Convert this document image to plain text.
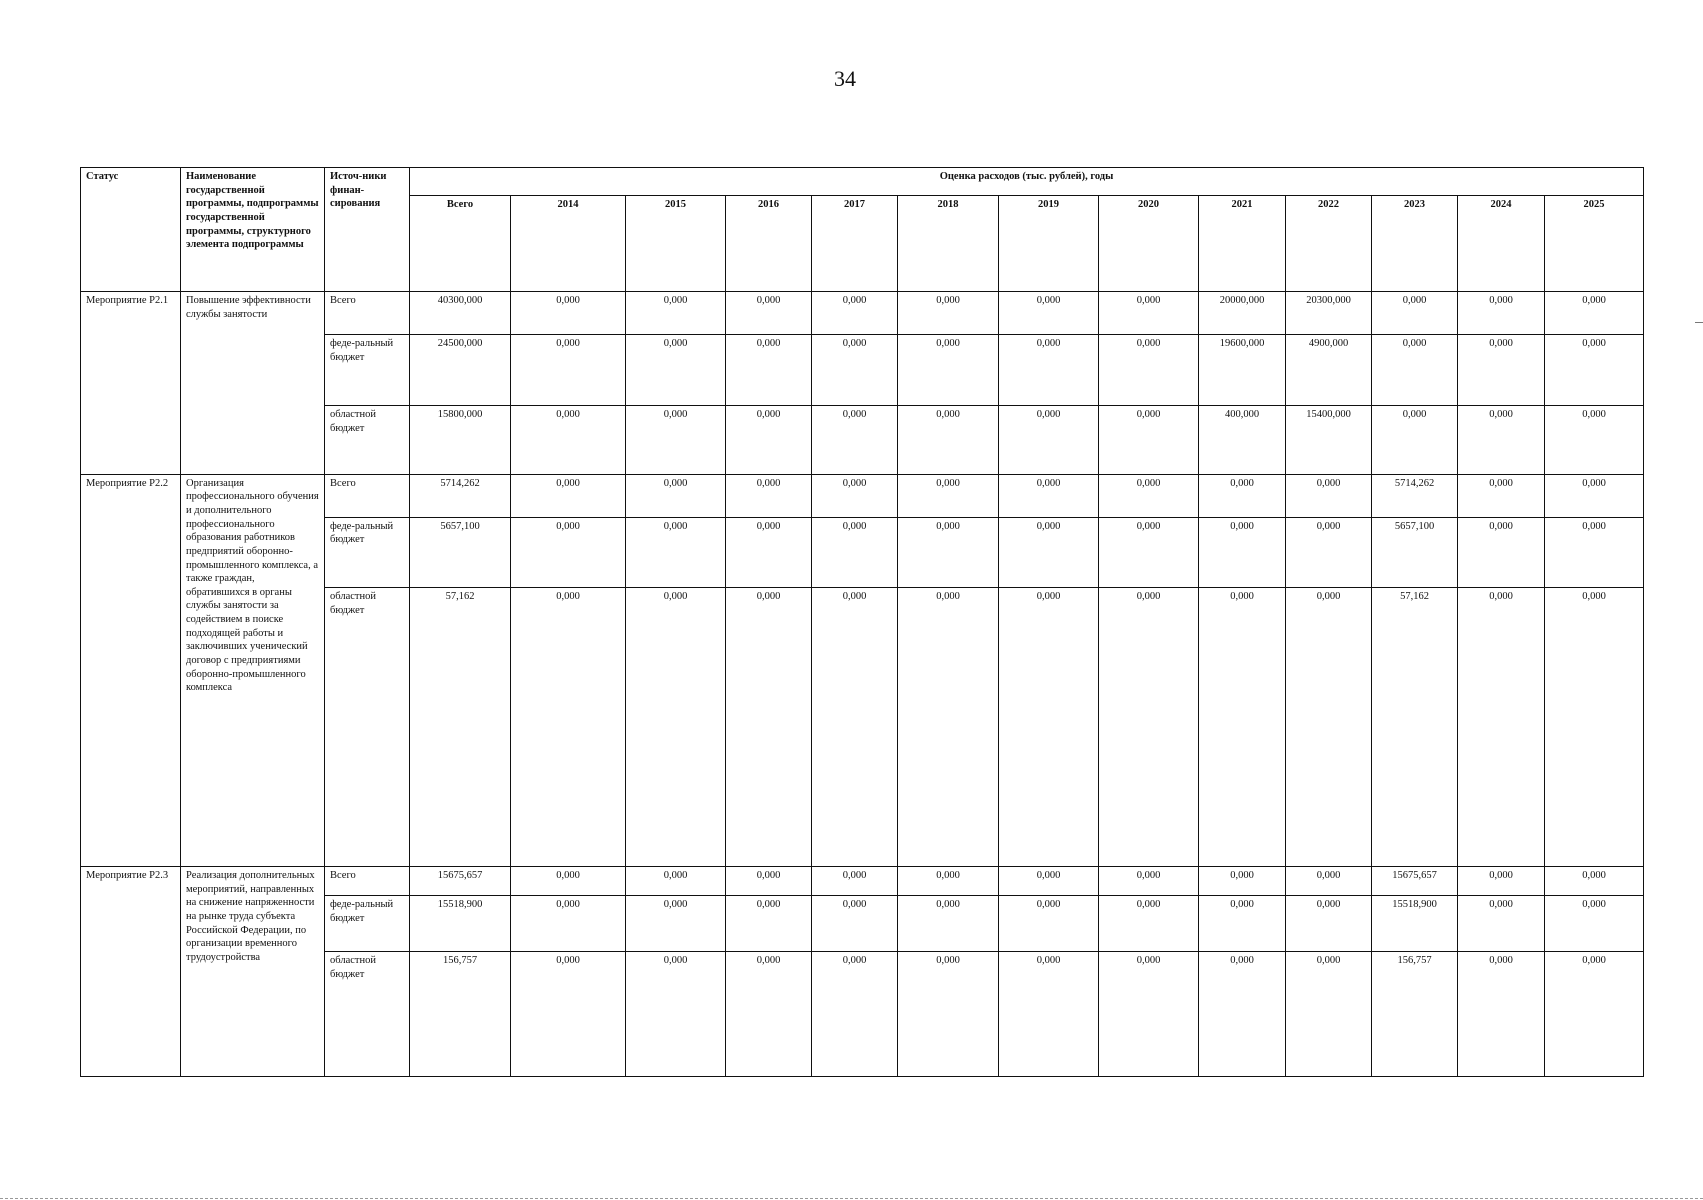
34
Статус	Наименование государственной программы, подпрограммы государственной программы, структурного элемента подпрограммы	Источ-ники финан-сирования	Оценка расходов (тыс. рублей), годы												
			Всего	2014	2015	2016	2017	2018	2019	2020	2021	2022	2023	2024	2025
Мероприятие Р2.1	Повышение эффективности службы занятости	Всего	40300,000	0,000	0,000	0,000	0,000	0,000	0,000	0,000	20000,000	20300,000	0,000	0,000	0,000
		феде-ральный бюджет	24500,000	0,000	0,000	0,000	0,000	0,000	0,000	0,000	19600,000	4900,000	0,000	0,000	0,000
		областной бюджет	15800,000	0,000	0,000	0,000	0,000	0,000	0,000	0,000	400,000	15400,000	0,000	0,000	0,000
Мероприятие Р2.2	Организация профессионального обучения и дополнительного профессионального образования работников предприятий оборонно-промышленного комплекса, а также граждан, обратившихся в органы службы занятости за содействием в поиске подходящей работы и заключивших ученический договор с предприятиями оборонно-промышленного комплекса	Всего	5714,262	0,000	0,000	0,000	0,000	0,000	0,000	0,000	0,000	0,000	5714,262	0,000	0,000
		феде-ральный бюджет	5657,100	0,000	0,000	0,000	0,000	0,000	0,000	0,000	0,000	0,000	5657,100	0,000	0,000
		областной бюджет	57,162	0,000	0,000	0,000	0,000	0,000	0,000	0,000	0,000	0,000	57,162	0,000	0,000
Мероприятие Р2.3	Реализация дополнительных мероприятий, направленных на снижение напряженности на рынке труда субъекта Российской Федерации, по организации временного трудоустройства	Всего	15675,657	0,000	0,000	0,000	0,000	0,000	0,000	0,000	0,000	0,000	15675,657	0,000	0,000
		феде-ральный бюджет	15518,900	0,000	0,000	0,000	0,000	0,000	0,000	0,000	0,000	0,000	15518,900	0,000	0,000
		областной бюджет	156,757	0,000	0,000	0,000	0,000	0,000	0,000	0,000	0,000	0,000	156,757	0,000	0,000
